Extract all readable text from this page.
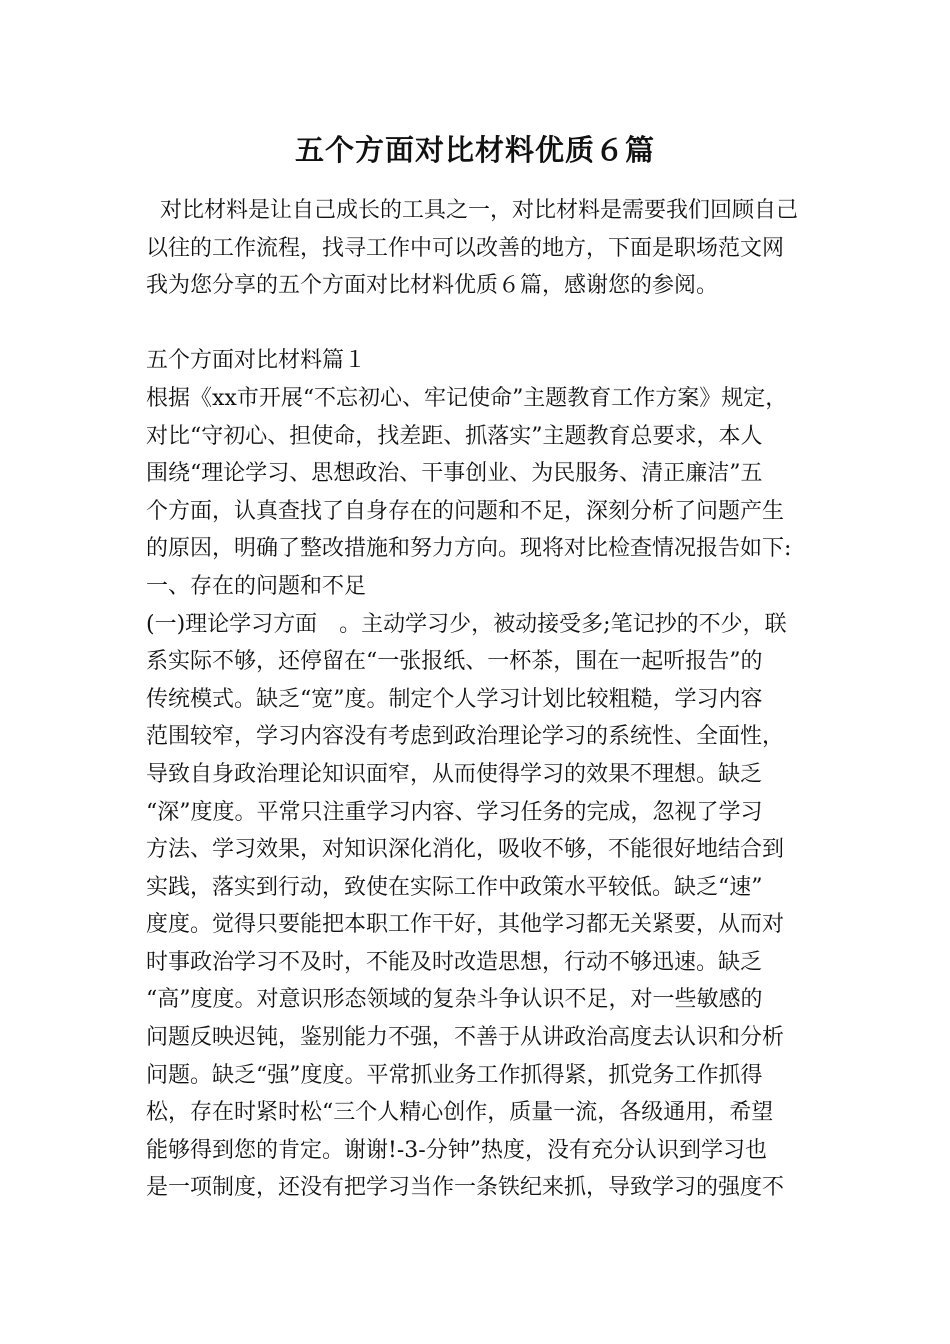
五个方面对比材料优质６篇
对比材料是让自己成长的工具之一，对比材料是需要我们回顾自己
以往的工作流程，找寻工作中可以改善的地方，下面是职场范文网
我为您分享的五个方面对比材料优质６篇，感谢您的参阅。
五个方面对比材料篇１
根据《xx市开展“不忘初心、牢记使命”主题教育工作方案》规定，
对比“守初心、担使命，找差距、抓落实”主题教育总要求，本人
围绕“理论学习、思想政治、干事创业、为民服务、清正廉洁”五
个方面，认真查找了自身存在的问题和不足，深刻分析了问题产生
的原因，明确了整改措施和努力方向。现将对比检查情况报告如下:
一、存在的问题和不足
(一)理论学习方面　。主动学习少，被动接受多;笔记抄的不少，联
系实际不够，还停留在“一张报纸、一杯茶，围在一起听报告”的
传统模式。缺乏“宽”度。制定个人学习计划比较粗糙，学习内容
范围较窄，学习内容没有考虑到政治理论学习的系统性、全面性，
导致自身政治理论知识面窄，从而使得学习的效果不理想。缺乏
“深”度度。平常只注重学习内容、学习任务的完成，忽视了学习
方法、学习效果，对知识深化消化，吸收不够，不能很好地结合到
实践，落实到行动，致使在实际工作中政策水平较低。缺乏“速”
度度。觉得只要能把本职工作干好，其他学习都无关紧要，从而对
时事政治学习不及时，不能及时改造思想，行动不够迅速。缺乏
“高”度度。对意识形态领域的复杂斗争认识不足，对一些敏感的
问题反映迟钝，鉴别能力不强，不善于从讲政治高度去认识和分析
问题。缺乏“强”度度。平常抓业务工作抓得紧，抓党务工作抓得
松，存在时紧时松“三个人精心创作，质量一流，各级通用，希望
能够得到您的肯定。谢谢!-3-分钟”热度，没有充分认识到学习也
是一项制度，还没有把学习当作一条铁纪来抓，导致学习的强度不
